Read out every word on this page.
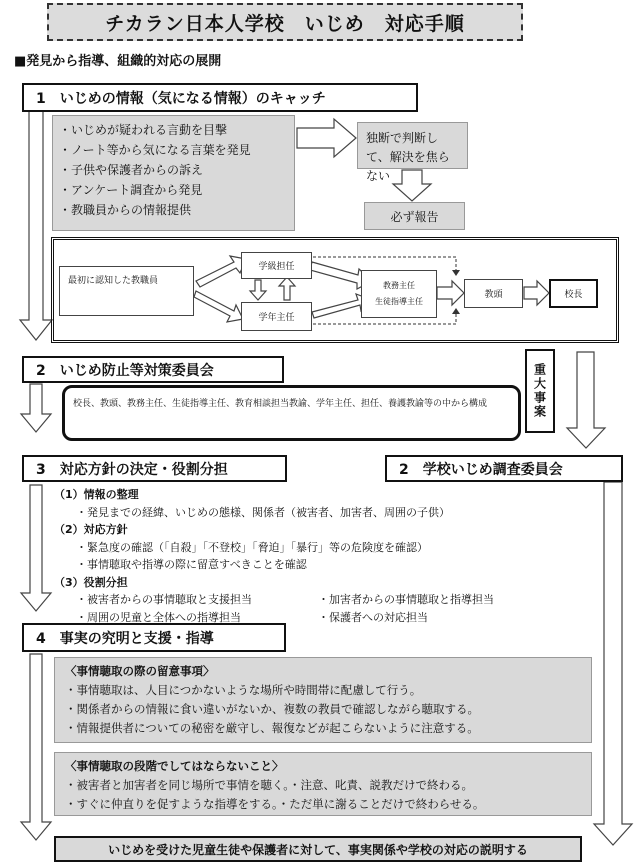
チカラン日本人学校　いじめ　対応手順
■発見から指導、組織的対応の展開
1　いじめの情報（気になる情報）のキャッチ
・いじめが疑われる言動を目撃
・ノート等から気になる言葉を発見
・子供や保護者からの訴え
・アンケート調査から発見
・教職員からの情報提供
独断で判断して、解決を焦らない
必ず報告
最初に認知した教職員
学級担任
学年主任
教務主任
生徒指導主任
教頭	校長
2　いじめ防止等対策委員会	重大事案
校長、教頭、教務主任、生徒指導主任、教育相談担当教諭、学年主任、担任、養護教諭等の中から構成
3　対応方針の決定・役割分担	2　学校いじめ調査委員会
（1）情報の整理
・発見までの経緯、いじめの態様、関係者（被害者、加害者、周囲の子供）
（2）対応方針
・緊急度の確認（「自殺」「不登校」「脅迫」「暴行」等の危険度を確認）
・事情聴取や指導の際に留意すべきことを確認
（3）役割分担
・被害者からの事情聴取と支援担当
・周囲の児童と全体への指導担当
・加害者からの事情聴取と指導担当
・保護者への対応担当
4　事実の究明と支援・指導
〈事情聴取の際の留意事項〉
・事情聴取は、人目につかないような場所や時間帯に配慮して行う。
・関係者からの情報に食い違いがないか、複数の教員で確認しながら聴取する。
・情報提供者についての秘密を厳守し、報復などが起こらないように注意する。
〈事情聴取の段階でしてはならないこと〉
・被害者と加害者を同じ場所で事情を聴く。・注意、叱責、説教だけで終わる。
・すぐに仲直りを促すような指導をする。・ただ単に謝ることだけで終わらせる。
いじめを受けた児童生徒や保護者に対して、事実関係や学校の対応の説明する
